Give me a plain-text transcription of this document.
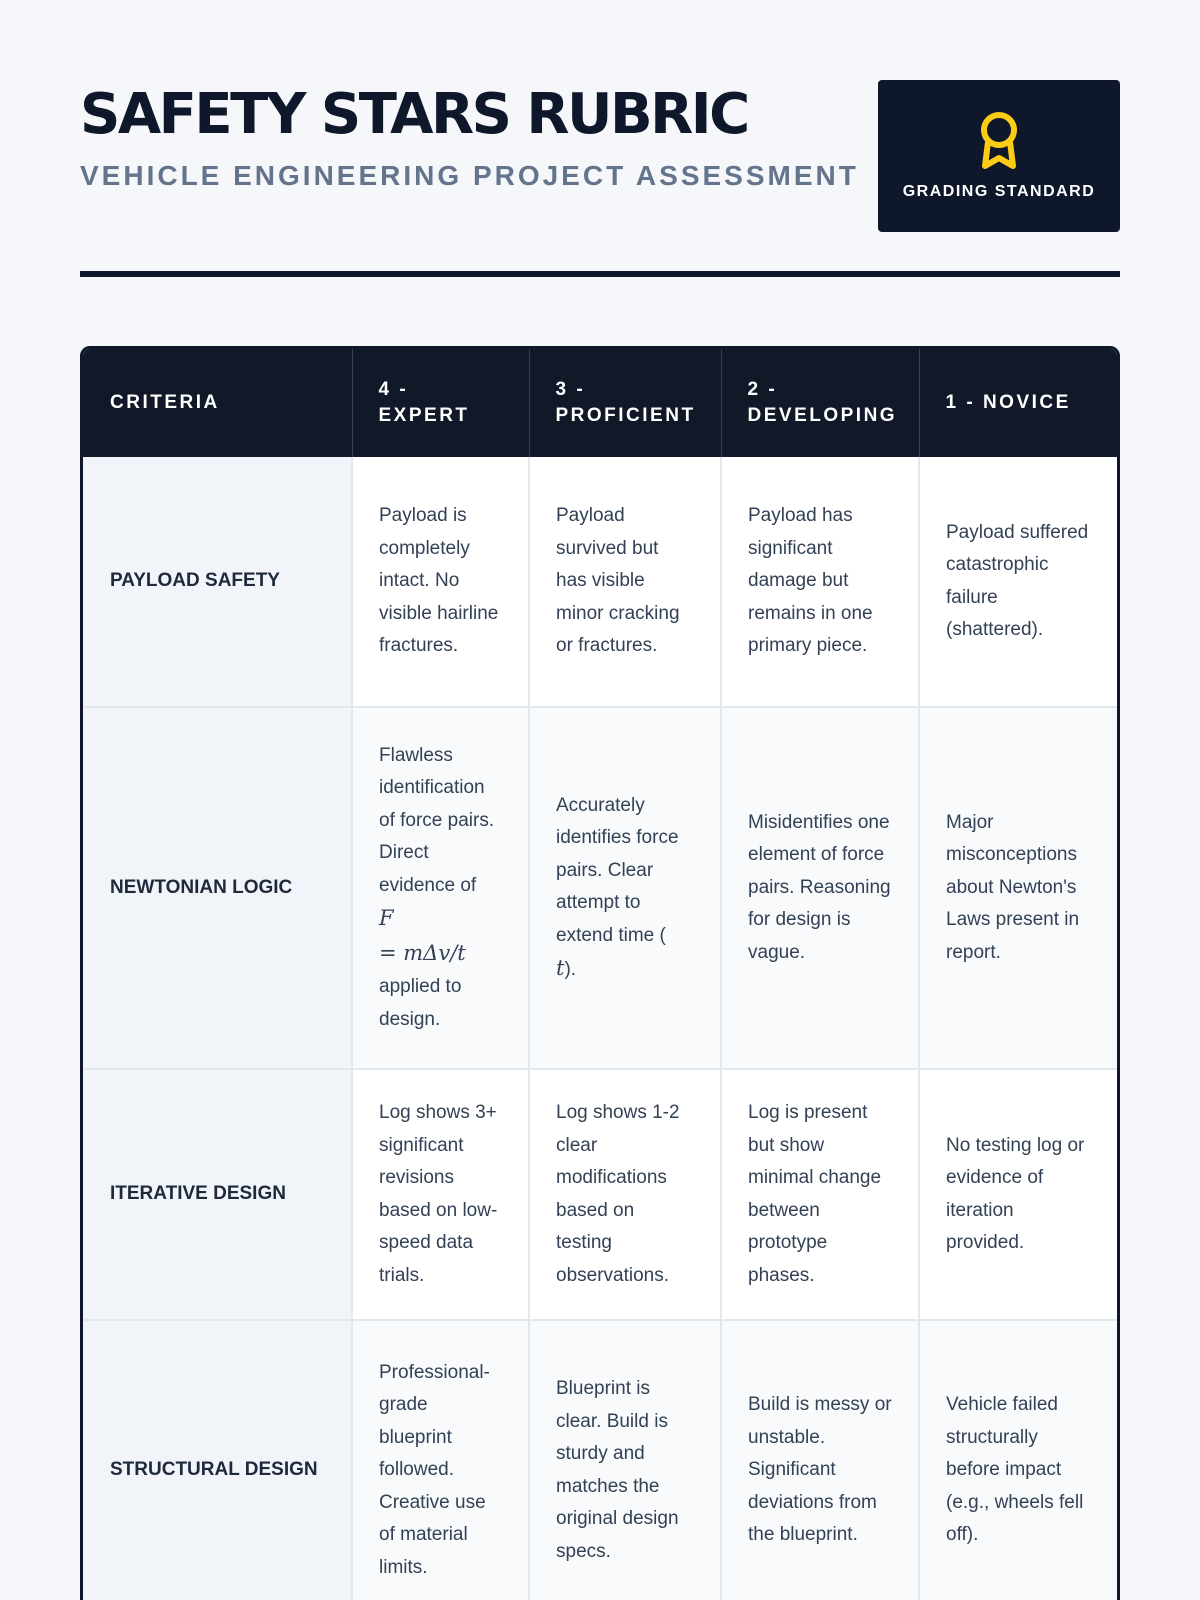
SAFETY STARS RUBRIC
VEHICLE ENGINEERING PROJECT ASSESSMENT
GRADING STANDARD
CRITERIA	4 - EXPERT	3 - PROFICIENT	2 - DEVELOPING	1 - NOVICE
PAYLOAD SAFETY	Payload is completely intact. No visible hairline fractures.	Payload survived but has visible minor cracking or fractures.	Payload has significant damage but remains in one primary piece.	Payload suffered catastrophic failure (shattered).
NEWTONIAN LOGIC	Flawless identification of force pairs. Direct evidence of
F
= mΔv/t
applied to design.	Accurately identifies force pairs. Clear attempt to extend time (
t).	Misidentifies one element of force pairs. Reasoning for design is vague.	Major misconceptions about Newton's Laws present in report.
ITERATIVE DESIGN	Log shows 3+ significant revisions based on low-speed data trials.	Log shows 1-2 clear modifications based on testing observations.	Log is present but show minimal change between prototype phases.	No testing log or evidence of iteration provided.
STRUCTURAL DESIGN	Professional-grade blueprint followed. Creative use of material limits.	Blueprint is clear. Build is sturdy and matches the original design specs.	Build is messy or unstable. Significant deviations from the blueprint.	Vehicle failed structurally before impact (e.g., wheels fell off).
